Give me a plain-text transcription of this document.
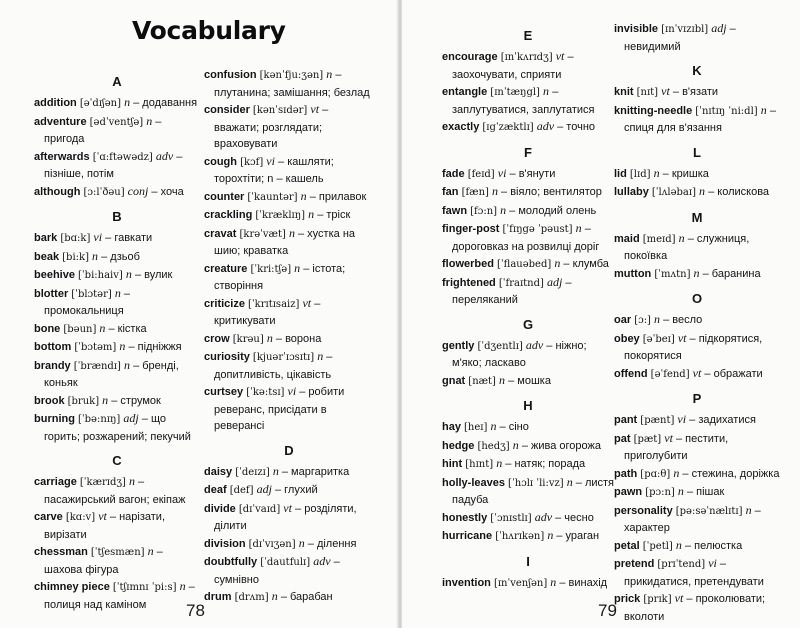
Vocabulary
A
addition [əˈdɪʃən] n – додавання
adventure [ədˈventʃə] n – пригода
afterwards [ˈɑ:ftəwədz] adv – пізніше, потім
although [ɔ:lˈðəu] conj – хоча
B
bark [bɑ:k] vi – гавкати
beak [bi:k] n – дзьоб
beehive [ˈbi:haiv] n – вулик
blotter [ˈblɔtər] n – промокальниця
bone [bəun] n – кістка
bottom [ˈbɔtəm] n – підніжжя
brandy [ˈbrændɪ] n – бренді, коньяк
brook [bruk] n – струмок
burning [ˈbə:nɪŋ] adj – що горить; розжарений; пекучий
C
carriage [ˈkærɪdʒ] n – пасажирський вагон; екіпаж
carve [kɑ:v] vt – нарізати, вирізати
chessman [ˈtʃesmæn] n – шахова фігура
chimney piece [ˈtʃɪmnɪ ˈpi:s] n – полиця над каміном
confusion [kənˈfju:ʒən] n – плутанина; замішання; безлад
consider [kənˈsɪdər] vt – вважати; розглядати; враховувати
cough [kɔf] vi – кашляти; торохтіти; n – кашель
counter [ˈkauntər] n – прилавок
crackling [ˈkræklɪŋ] n – тріск
cravat [krəˈvæt] n – хустка на шию; краватка
creature [ˈkri:tʃə] n – істота; створіння
criticize [ˈkrɪtɪsaiz] vt – критикувати
crow [krəu] n – ворона
curiosity [kjuərˈɪɔsɪtɪ] n – допитливість, цікавість
curtsey [ˈkə:tsɪ] vi – робити реверанс, присідати в реверансі
D
daisy [ˈdeɪzɪ] n – маргаритка
deaf [def] adj – глухий
divide [dɪˈvaɪd] vt – розділяти, ділити
division [dɪˈvɪʒən] n – ділення
doubtfully [ˈdautfulɪ] adv – сумнівно
drum [drʌm] n – барабан
78
E
encourage [ɪnˈkʌrɪdʒ] vt – заохочувати, сприяти
entangle [ɪnˈtæŋgl] n – заплутуватися, заплутатися
exactly [ɪgˈzæktlɪ] adv – точно
F
fade [feɪd] vi – в'янути
fan [fæn] n – віяло; вентилятор
fawn [fɔ:n] n – молодий олень
finger-post [ˈfɪŋgə ˈpəust] n – дороговказ на розвилці доріг
flowerbed [ˈflauəbed] n – клумба
frightened [ˈfraɪtnd] adj – переляканий
G
gently [ˈdʒentlɪ] adv – ніжно; м'яко; ласкаво
gnat [næt] n – мошка
H
hay [heɪ] n – сіно
hedge [hedʒ] n – жива огорожа
hint [hɪnt] n – натяк; порада
holly-leaves [ˈhɔlɪ ˈli:vz] n – листя падуба
honestly [ˈɔnɪstlɪ] adv – чесно
hurricane [ˈhʌrɪkən] n – ураган
I
invention [ɪnˈvenʃən] n – винахід
invisible [ɪnˈvɪzɪbl] adj – невидимий
K
knit [nɪt] vt – в'язати
knitting-needle [ˈnɪtɪŋ ˈni:dl] n – спиця для в'язання
L
lid [lɪd] n – кришка
lullaby [ˈlʌləbaɪ] n – колискова
M
maid [meɪd] n – служниця, покоївка
mutton [ˈmʌtn] n – баранина
O
oar [ɔ:] n – весло
obey [əˈbeɪ] vt – підкорятися, покорятися
offend [əˈfend] vt – ображати
P
pant [pænt] vi – задихатися
pat [pæt] vt – пестити, приголубити
path [pɑ:θ] n – стежина, доріжка
pawn [pɔ:n] n – пішак
personality [pə:səˈnælɪtɪ] n – характер
petal [ˈpetl] n – пелюстка
pretend [prɪˈtend] vi – прикидатися, претендувати
prick [prɪk] vt – проколювати; вколоти
79
